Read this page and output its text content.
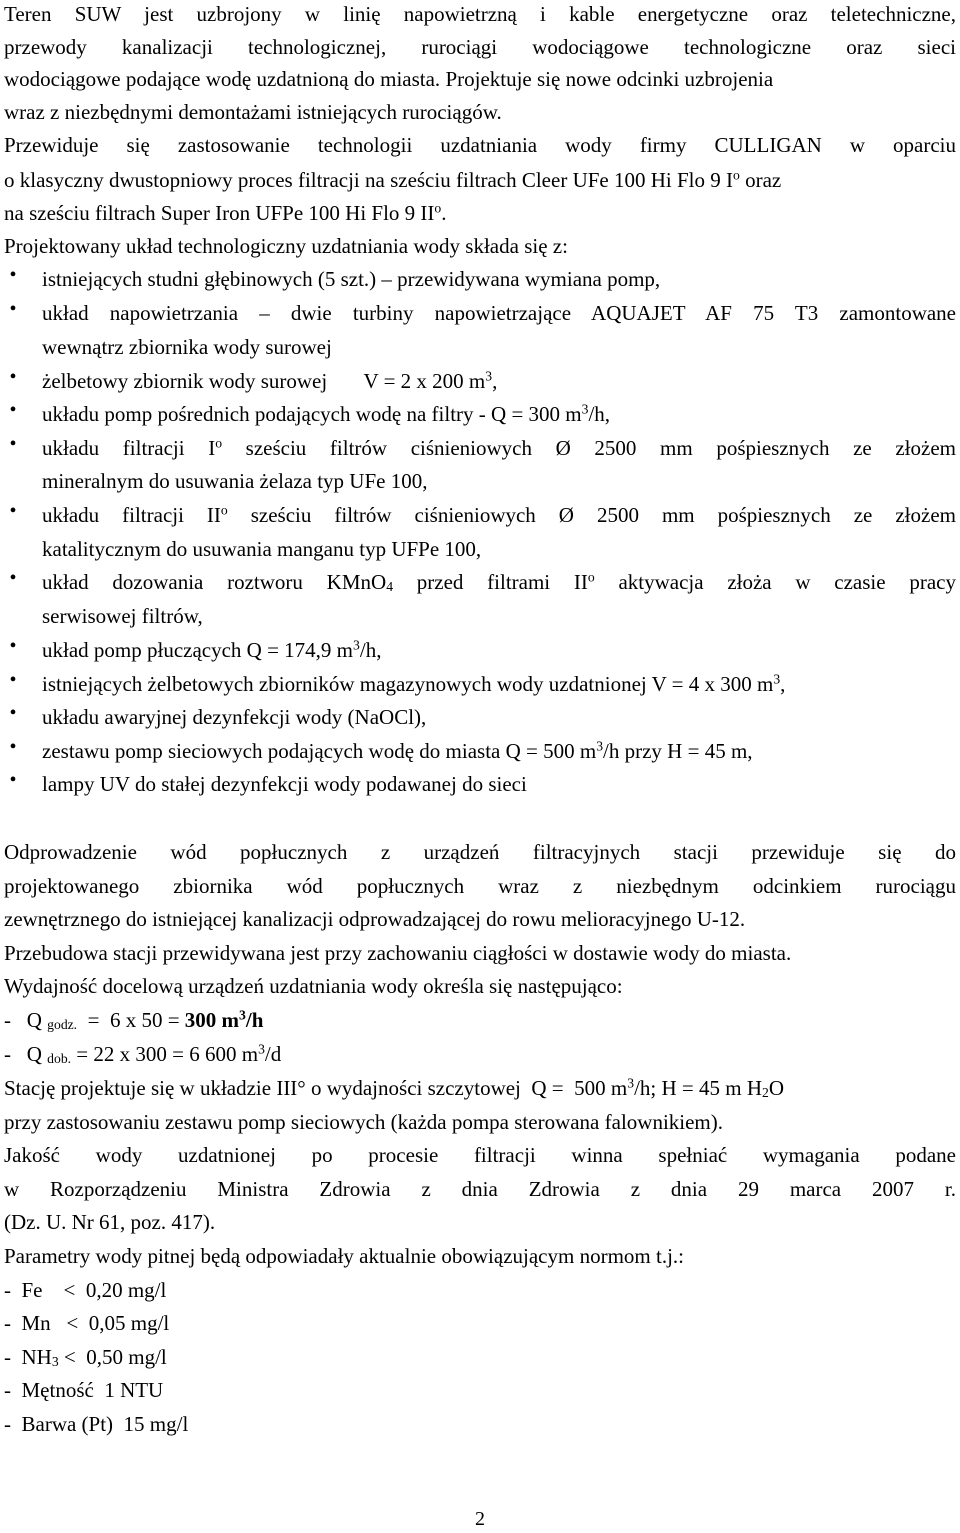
Teren SUW jest uzbrojony w linię napowietrzną i kable energetyczne oraz teletechniczne,
przewody kanalizacji technologicznej, rurociągi wodociągowe technologiczne oraz sieci
wodociągowe podające wodę uzdatnioną do miasta. Projektuje się nowe odcinki uzbrojenia
wraz z niezbędnymi demontażami istniejących rurociągów.
Przewiduje się zastosowanie technologii uzdatniania wody firmy CULLIGAN w oparciu
o klasyczny dwustopniowy proces filtracji na sześciu filtrach Cleer UFe 100 Hi Flo 9 $I^o$ oraz
na sześciu filtrach Super Iron UFPe 100 Hi Flo 9 $II^o$.
Projektowany układ technologiczny uzdatniania wody składa się z:
• istniejących studni głębinowych (5 szt.) – przewidywana wymiana pomp,
• układ napowietrzania – dwie turbiny napowietrzające AQUAJET AF 75 T3 zamontowane
wewnątrz zbiornika wody surowej
• żelbetowy zbiornik wody surowej       V = 2 x 200 $m^3$,
• układu pomp pośrednich podających wodę na filtry - Q = 300 $m^3/h$,
• układu filtracji $I^o$ sześciu filtrów ciśnieniowych Ø 2500 mm pośpiesznych ze złożem
mineralnym do usuwania żelaza typ UFe 100,
• układu filtracji $II^o$ sześciu filtrów ciśnieniowych Ø 2500 mm pośpiesznych ze złożem
katalitycznym do usuwania manganu typ UFPe 100,
• układ dozowania roztworu KMnO$_4$ przed filtrami $II^o$ aktywacja złoża w czasie pracy
serwisowej filtrów,
• układ pomp płuczących Q = 174,9 $m^3/h$,
• istniejących żelbetowych zbiorników magazynowych wody uzdatnionej V = 4 x 300 $m^3$,
• układu awaryjnej dezynfekcji wody (NaOCl),
• zestawu pomp sieciowych podających wodę do miasta Q = 500 $m^3/h$ przy H = 45 m,
• lampy UV do stałej dezynfekcji wody podawanej do sieci
Odprowadzenie wód popłucznych z urządzeń filtracyjnych stacji przewiduje się do
projektowanego zbiornika wód popłucznych wraz z niezbędnym odcinkiem rurociągu
zewnętrznego do istniejącej kanalizacji odprowadzającej do rowu melioracyjnego U-12.
Przebudowa stacji przewidywana jest przy zachowaniu ciągłości w dostawie wody do miasta.
Wydajność docelową urządzeń uzdatniania wody określa się następująco:
-   Q $_{godz.}$  =  6 x 50 = 300 $m^3/h$
-   Q $_{dob.}$ = 22 x 300 = 6 600 $m^3/d$
Stację projektuje się w układzie III° o wydajności szczytowej  Q =  500 $m^3/h$; H = 45 m $H_2O$
przy zastosowaniu zestawu pomp sieciowych (każda pompa sterowana falownikiem).
Jakość wody uzdatnionej po procesie filtracji winna spełniać wymagania podane
w Rozporządzeniu Ministra Zdrowia z dnia Zdrowia z dnia 29 marca 2007 r.
(Dz. U. Nr 61, poz. 417).
Parametry wody pitnej będą odpowiadały aktualnie obowiązującym normom t.j.:
-  Fe    <  0,20 mg/l
-  Mn   <  0,05 mg/l
-  $NH_3 < 0,50$ mg/l
-  Mętność  1 NTU
-  Barwa (Pt)  15 mg/l
2
